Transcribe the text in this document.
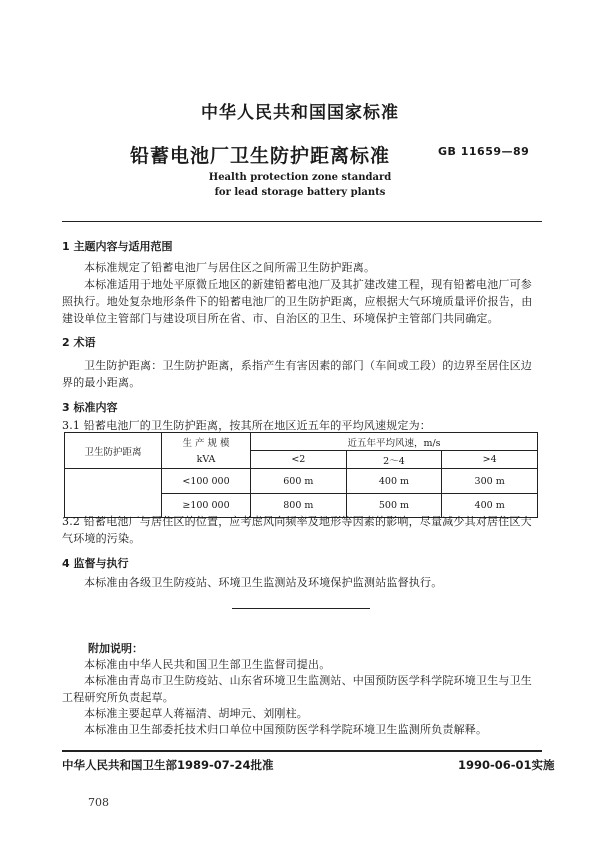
中华人民共和国国家标准
铅蓄电池厂卫生防护距离标准	GB 11659—89
Health protection zone standard
for lead storage battery plants
1 主题内容与适用范围
本标准规定了铅蓄电池厂与居住区之间所需卫生防护距离。
本标准适用于地处平原微丘地区的新建铅蓄电池厂及其扩建改建工程，现有铅蓄电池厂可参照执行。地处复杂地形条件下的铅蓄电池厂的卫生防护距离，应根据大气环境质量评价报告，由建设单位主管部门与建设项目所在省、市、自治区的卫生、环境保护主管部门共同确定。
2 术语
卫生防护距离：卫生防护距离，系指产生有害因素的部门（车间或工段）的边界至居住区边界的最小距离。
3 标准内容
3.1 铅蓄电池厂的卫生防护距离，按其所在地区近五年的平均风速规定为：
卫生防护距离	生 产 规 模	近五年平均风速，m/s		
	kVA	<2	2～4	>4
	<100 000	600 m	400 m	300 m
	≥100 000	800 m	500 m	400 m
3.2 铅蓄电池厂与居住区的位置，应考虑风向频率及地形等因素的影响，尽量减少其对居住区大气环境的污染。
4 监督与执行
本标准由各级卫生防疫站、环境卫生监测站及环境保护监测站监督执行。
附加说明：
本标准由中华人民共和国卫生部卫生监督司提出。
本标准由青岛市卫生防疫站、山东省环境卫生监测站、中国预防医学科学院环境卫生与卫生工程研究所负责起草。
本标准主要起草人蒋福清、胡坤元、刘刚柱。
本标准由卫生部委托技术归口单位中国预防医学科学院环境卫生监测所负责解释。
中华人民共和国卫生部1989-07-24批准	1990-06-01实施
708
